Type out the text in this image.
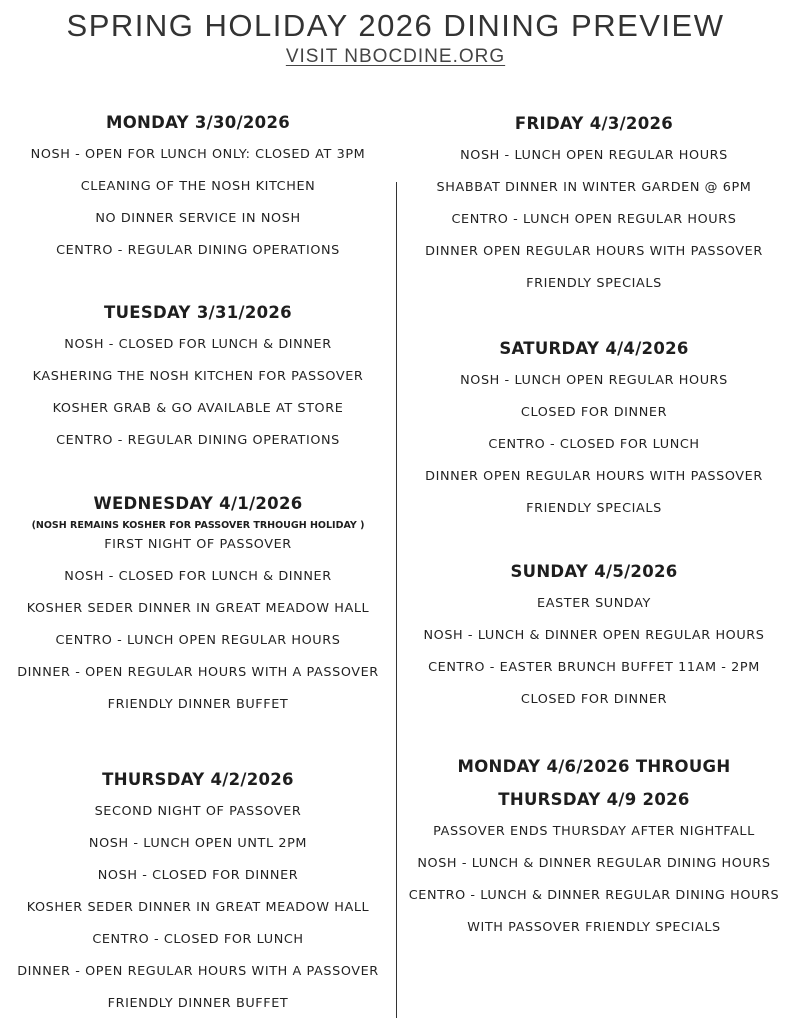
SPRING HOLIDAY 2026 DINING PREVIEW
VISIT NBOCDINE.ORG
MONDAY 3/30/2026
NOSH - OPEN FOR LUNCH ONLY: CLOSED AT 3PM
CLEANING OF THE NOSH KITCHEN
NO DINNER SERVICE IN NOSH
CENTRO - REGULAR DINING OPERATIONS
TUESDAY 3/31/2026
NOSH - CLOSED FOR LUNCH & DINNER
KASHERING THE NOSH KITCHEN FOR PASSOVER
KOSHER GRAB & GO AVAILABLE AT STORE
CENTRO - REGULAR DINING OPERATIONS
WEDNESDAY 4/1/2026
(NOSH REMAINS KOSHER FOR PASSOVER TRHOUGH HOLIDAY )
FIRST NIGHT OF PASSOVER
NOSH - CLOSED FOR LUNCH & DINNER
KOSHER SEDER DINNER IN GREAT MEADOW HALL
CENTRO - LUNCH OPEN REGULAR HOURS
DINNER - OPEN REGULAR HOURS WITH A PASSOVER
FRIENDLY DINNER BUFFET
THURSDAY 4/2/2026
SECOND NIGHT OF PASSOVER
NOSH - LUNCH OPEN UNTL 2PM
NOSH - CLOSED FOR DINNER
KOSHER SEDER DINNER IN GREAT MEADOW HALL
CENTRO - CLOSED FOR LUNCH
DINNER - OPEN REGULAR HOURS WITH A PASSOVER
FRIENDLY DINNER BUFFET
FRIDAY 4/3/2026
NOSH - LUNCH OPEN REGULAR HOURS
SHABBAT DINNER IN WINTER GARDEN @ 6PM
CENTRO - LUNCH OPEN REGULAR HOURS
DINNER OPEN REGULAR HOURS WITH PASSOVER
FRIENDLY SPECIALS
SATURDAY 4/4/2026
NOSH - LUNCH OPEN REGULAR HOURS
CLOSED FOR DINNER
CENTRO - CLOSED FOR LUNCH
DINNER OPEN REGULAR HOURS WITH PASSOVER
FRIENDLY SPECIALS
SUNDAY 4/5/2026
EASTER SUNDAY
NOSH - LUNCH & DINNER OPEN REGULAR HOURS
CENTRO - EASTER BRUNCH BUFFET 11AM - 2PM
CLOSED FOR DINNER
MONDAY 4/6/2026 THROUGH
THURSDAY 4/9 2026
PASSOVER ENDS THURSDAY AFTER NIGHTFALL
NOSH - LUNCH & DINNER REGULAR DINING HOURS
CENTRO - LUNCH & DINNER REGULAR DINING HOURS
WITH PASSOVER FRIENDLY SPECIALS
